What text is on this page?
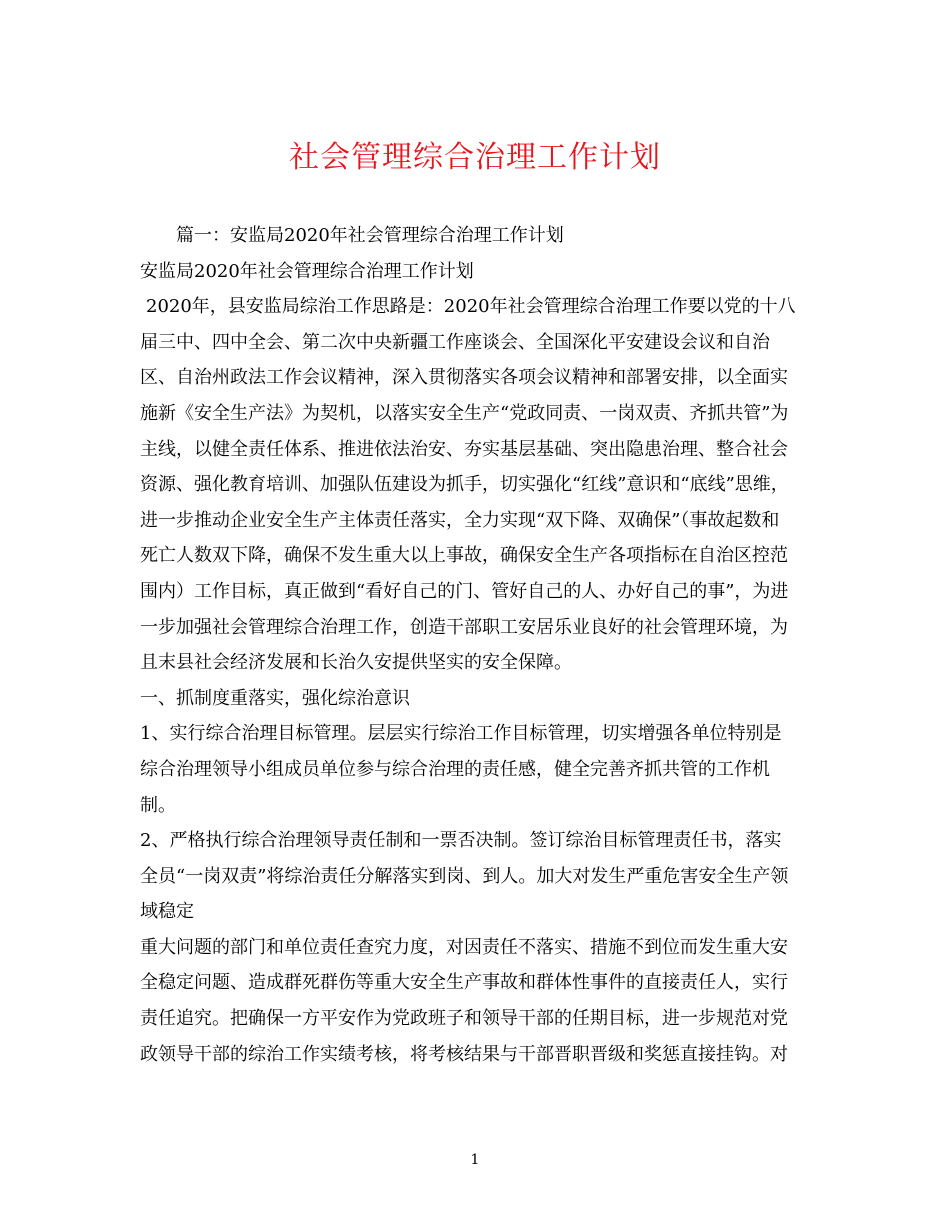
社会管理综合治理工作计划
篇一：安监局2020年社会管理综合治理工作计划
安监局2020年社会管理综合治理工作计划
2020年，县安监局综治工作思路是：2020年社会管理综合治理工作要以党的十八
届三中、四中全会、第二次中央新疆工作座谈会、全国深化平安建设会议和自治
区、自治州政法工作会议精神，深入贯彻落实各项会议精神和部署安排，以全面实
施新《安全生产法》为契机，以落实安全生产“党政同责、一岗双责、齐抓共管”为
主线，以健全责任体系、推进依法治安、夯实基层基础、突出隐患治理、整合社会
资源、强化教育培训、加强队伍建设为抓手，切实强化“红线”意识和“底线”思维，
进一步推动企业安全生产主体责任落实，全力实现“双下降、双确保”（事故起数和
死亡人数双下降，确保不发生重大以上事故，确保安全生产各项指标在自治区控范
围内）工作目标，真正做到“看好自己的门、管好自己的人、办好自己的事”，为进
一步加强社会管理综合治理工作，创造干部职工安居乐业良好的社会管理环境，为
且末县社会经济发展和长治久安提供坚实的安全保障。
一、抓制度重落实，强化综治意识
1、实行综合治理目标管理。层层实行综治工作目标管理，切实增强各单位特别是
综合治理领导小组成员单位参与综合治理的责任感，健全完善齐抓共管的工作机
制。
2、严格执行综合治理领导责任制和一票否决制。签订综治目标管理责任书，落实
全员“一岗双责”将综治责任分解落实到岗、到人。加大对发生严重危害安全生产领
域稳定
重大问题的部门和单位责任查究力度，对因责任不落实、措施不到位而发生重大安
全稳定问题、造成群死群伤等重大安全生产事故和群体性事件的直接责任人，实行
责任追究。把确保一方平安作为党政班子和领导干部的任期目标，进一步规范对党
政领导干部的综治工作实绩考核，将考核结果与干部晋职晋级和奖惩直接挂钩。对
1
